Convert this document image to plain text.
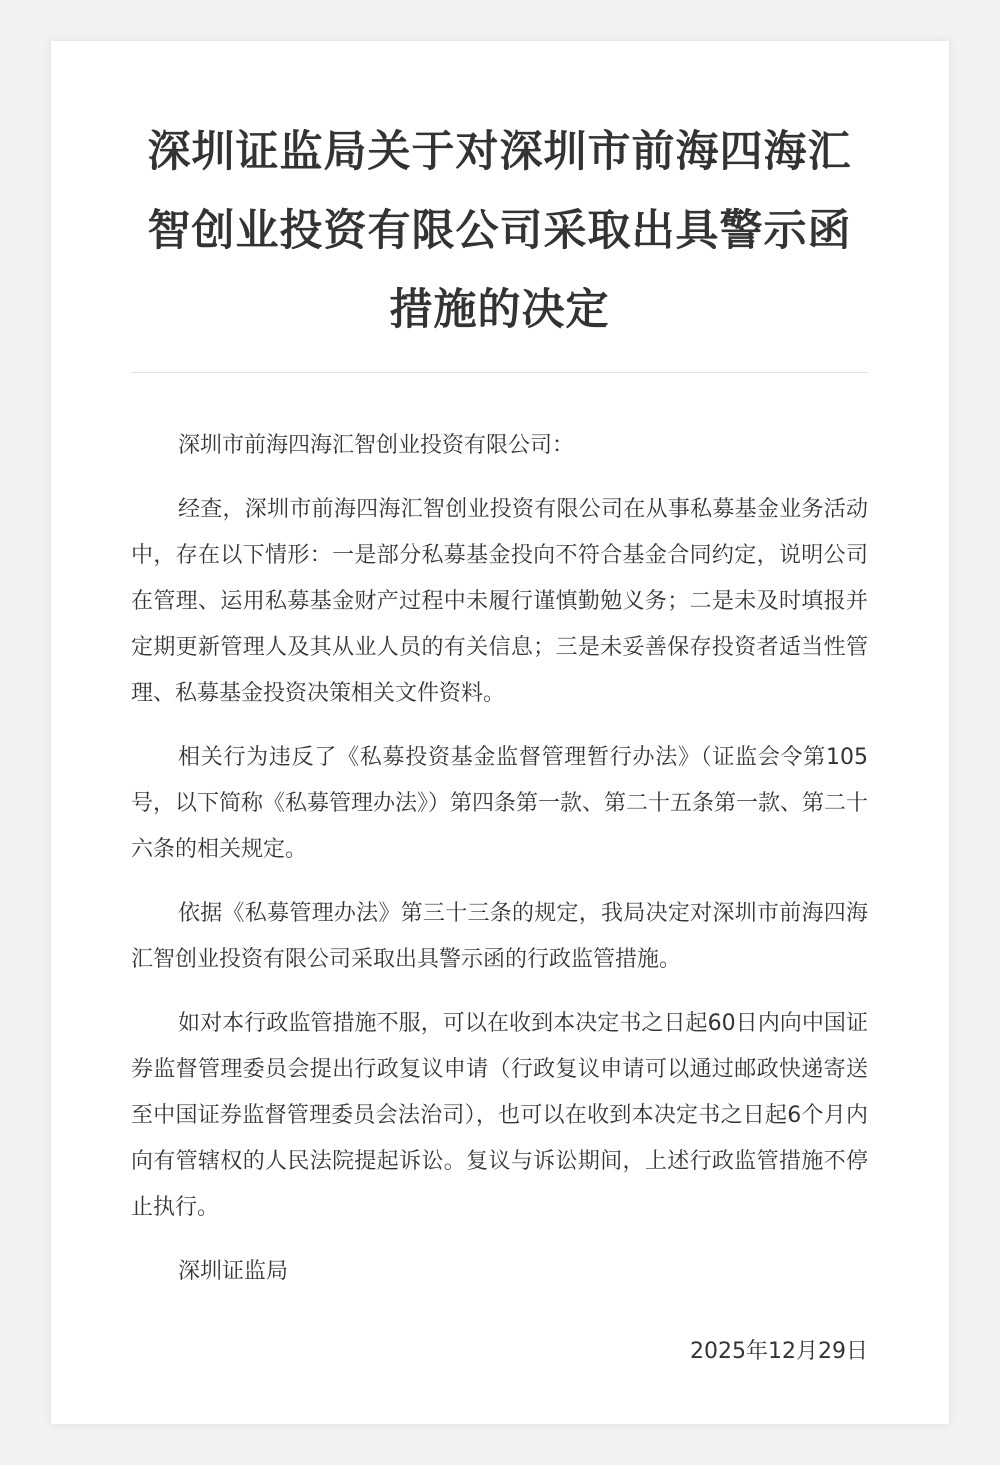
深圳证监局关于对深圳市前海四海汇智创业投资有限公司采取出具警示函措施的决定

深圳市前海四海汇智创业投资有限公司：

经查，深圳市前海四海汇智创业投资有限公司在从事私募基金业务活动中，存在以下情形：一是部分私募基金投向不符合基金合同约定，说明公司在管理、运用私募基金财产过程中未履行谨慎勤勉义务；二是未及时填报并定期更新管理人及其从业人员的有关信息；三是未妥善保存投资者适当性管理、私募基金投资决策相关文件资料。

相关行为违反了《私募投资基金监督管理暂行办法》（证监会令第105号，以下简称《私募管理办法》）第四条第一款、第二十五条第一款、第二十六条的相关规定。

依据《私募管理办法》第三十三条的规定，我局决定对深圳市前海四海汇智创业投资有限公司采取出具警示函的行政监管措施。

如对本行政监管措施不服，可以在收到本决定书之日起60日内向中国证券监督管理委员会提出行政复议申请（行政复议申请可以通过邮政快递寄送至中国证券监督管理委员会法治司），也可以在收到本决定书之日起6个月内向有管辖权的人民法院提起诉讼。复议与诉讼期间，上述行政监管措施不停止执行。

深圳证监局

2025年12月29日
